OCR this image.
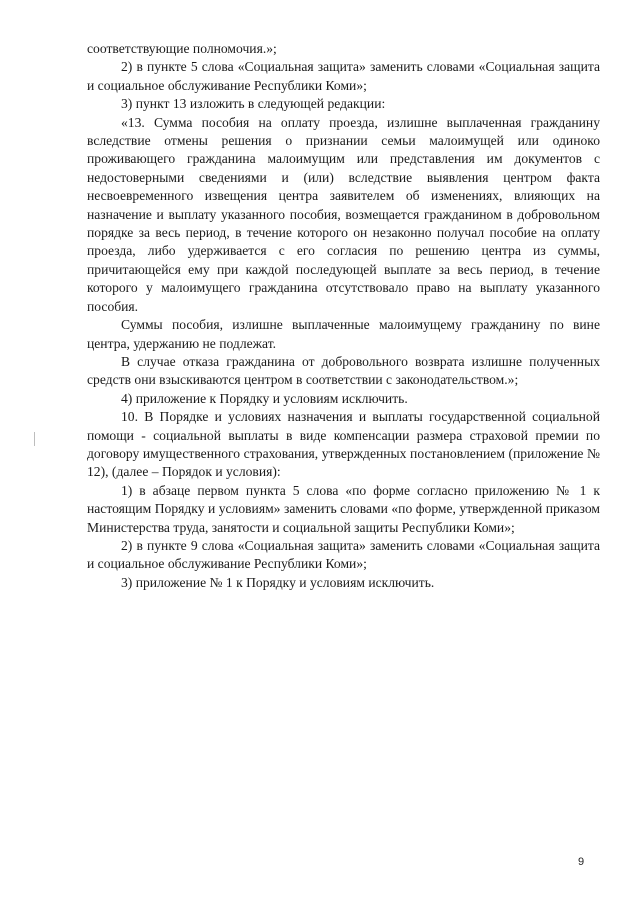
соответствующие полномочия.»;

2) в пункте 5 слова «Социальная защита» заменить словами «Социальная защита и социальное обслуживание Республики Коми»;

3) пункт 13 изложить в следующей редакции:

«13. Сумма пособия на оплату проезда, излишне выплаченная гражданину вследствие отмены решения о признании семьи малоимущей или одиноко проживающего гражданина малоимущим или представления им документов с недостоверными сведениями и (или) вследствие выявления центром факта несвоевременного извещения центра заявителем об изменениях, влияющих на назначение и выплату указанного пособия, возмещается гражданином в добровольном порядке за весь период, в течение которого он незаконно получал пособие на оплату проезда, либо удерживается с его согласия по решению центра из суммы, причитающейся ему при каждой последующей выплате за весь период, в течение которого у малоимущего гражданина отсутствовало право на выплату указанного пособия.

Суммы пособия, излишне выплаченные малоимущему гражданину по вине центра, удержанию не подлежат.

В случае отказа гражданина от добровольного возврата излишне полученных средств они взыскиваются центром в соответствии с законодательством.»;

4) приложение к Порядку и условиям исключить.

10. В Порядке и условиях назначения и выплаты государственной социальной помощи - социальной выплаты в виде компенсации размера страховой премии по договору имущественного страхования, утвержденных постановлением (приложение № 12), (далее – Порядок и условия):

1) в абзаце первом пункта 5 слова «по форме согласно приложению № 1 к настоящим Порядку и условиям» заменить словами «по форме, утвержденной приказом Министерства труда, занятости и социальной защиты Республики Коми»;

2) в пункте 9 слова «Социальная защита» заменить словами «Социальная защита и социальное обслуживание Республики Коми»;

3) приложение № 1 к Порядку и условиям исключить.

9
